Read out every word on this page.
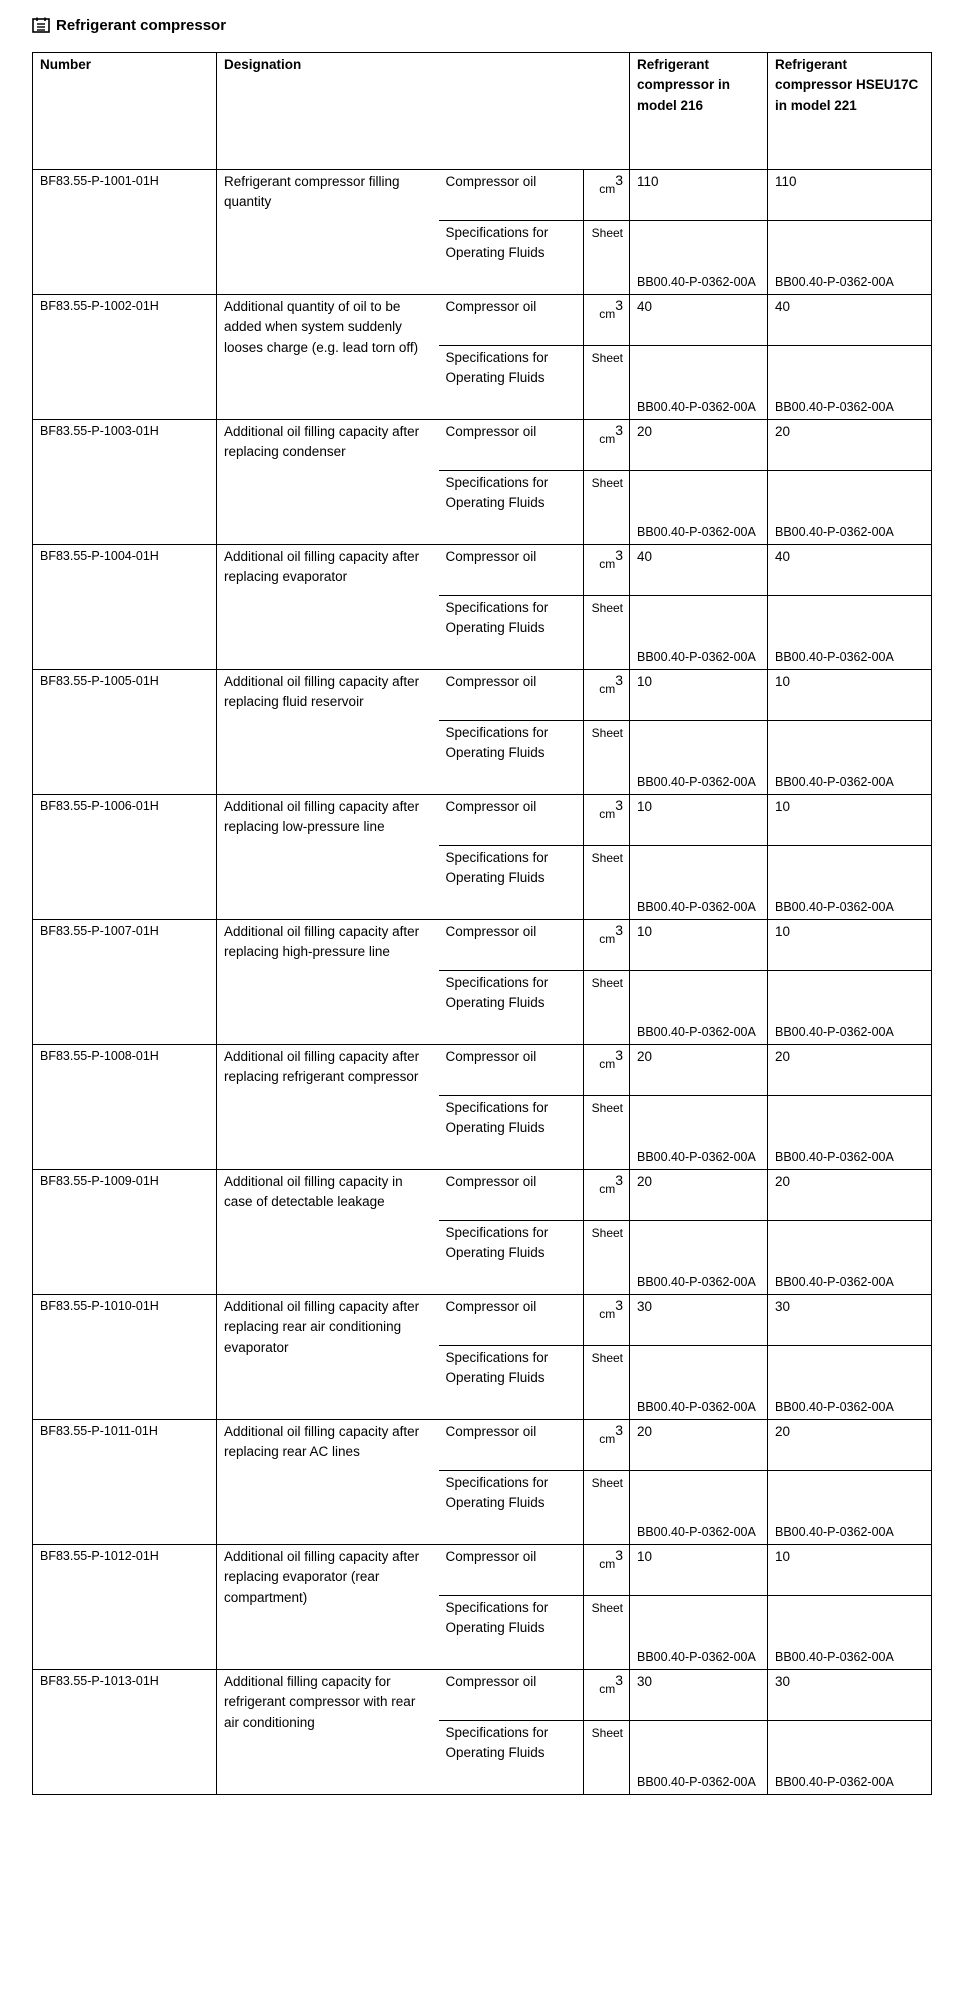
Refrigerant compressor
Number	Designation			Refrigerant compressor in model 216	Refrigerant compressor HSEU17C in model 221
BF83.55-P-1001-01H	Refrigerant compressor filling quantity	Compressor oil	cm3	110	110
		Specifications for Operating Fluids	Sheet	BB00.40-P-0362-00A	BB00.40-P-0362-00A
BF83.55-P-1002-01H	Additional quantity of oil to be added when system suddenly looses charge (e.g. lead torn off)	Compressor oil	cm3	40	40
		Specifications for Operating Fluids	Sheet	BB00.40-P-0362-00A	BB00.40-P-0362-00A
BF83.55-P-1003-01H	Additional oil filling capacity after replacing condenser	Compressor oil	cm3	20	20
		Specifications for Operating Fluids	Sheet	BB00.40-P-0362-00A	BB00.40-P-0362-00A
BF83.55-P-1004-01H	Additional oil filling capacity after replacing evaporator	Compressor oil	cm3	40	40
		Specifications for Operating Fluids	Sheet	BB00.40-P-0362-00A	BB00.40-P-0362-00A
BF83.55-P-1005-01H	Additional oil filling capacity after replacing fluid reservoir	Compressor oil	cm3	10	10
		Specifications for Operating Fluids	Sheet	BB00.40-P-0362-00A	BB00.40-P-0362-00A
BF83.55-P-1006-01H	Additional oil filling capacity after replacing low-pressure line	Compressor oil	cm3	10	10
		Specifications for Operating Fluids	Sheet	BB00.40-P-0362-00A	BB00.40-P-0362-00A
BF83.55-P-1007-01H	Additional oil filling capacity after replacing high-pressure line	Compressor oil	cm3	10	10
		Specifications for Operating Fluids	Sheet	BB00.40-P-0362-00A	BB00.40-P-0362-00A
BF83.55-P-1008-01H	Additional oil filling capacity after replacing refrigerant compressor	Compressor oil	cm3	20	20
		Specifications for Operating Fluids	Sheet	BB00.40-P-0362-00A	BB00.40-P-0362-00A
BF83.55-P-1009-01H	Additional oil filling capacity in case of detectable leakage	Compressor oil	cm3	20	20
		Specifications for Operating Fluids	Sheet	BB00.40-P-0362-00A	BB00.40-P-0362-00A
BF83.55-P-1010-01H	Additional oil filling capacity after replacing rear air conditioning evaporator	Compressor oil	cm3	30	30
		Specifications for Operating Fluids	Sheet	BB00.40-P-0362-00A	BB00.40-P-0362-00A
BF83.55-P-1011-01H	Additional oil filling capacity after replacing rear AC lines	Compressor oil	cm3	20	20
		Specifications for Operating Fluids	Sheet	BB00.40-P-0362-00A	BB00.40-P-0362-00A
BF83.55-P-1012-01H	Additional oil filling capacity after replacing evaporator (rear compartment)	Compressor oil	cm3	10	10
		Specifications for Operating Fluids	Sheet	BB00.40-P-0362-00A	BB00.40-P-0362-00A
BF83.55-P-1013-01H	Additional filling capacity for refrigerant compressor with rear air conditioning	Compressor oil	cm3	30	30
		Specifications for Operating Fluids	Sheet	BB00.40-P-0362-00A	BB00.40-P-0362-00A
